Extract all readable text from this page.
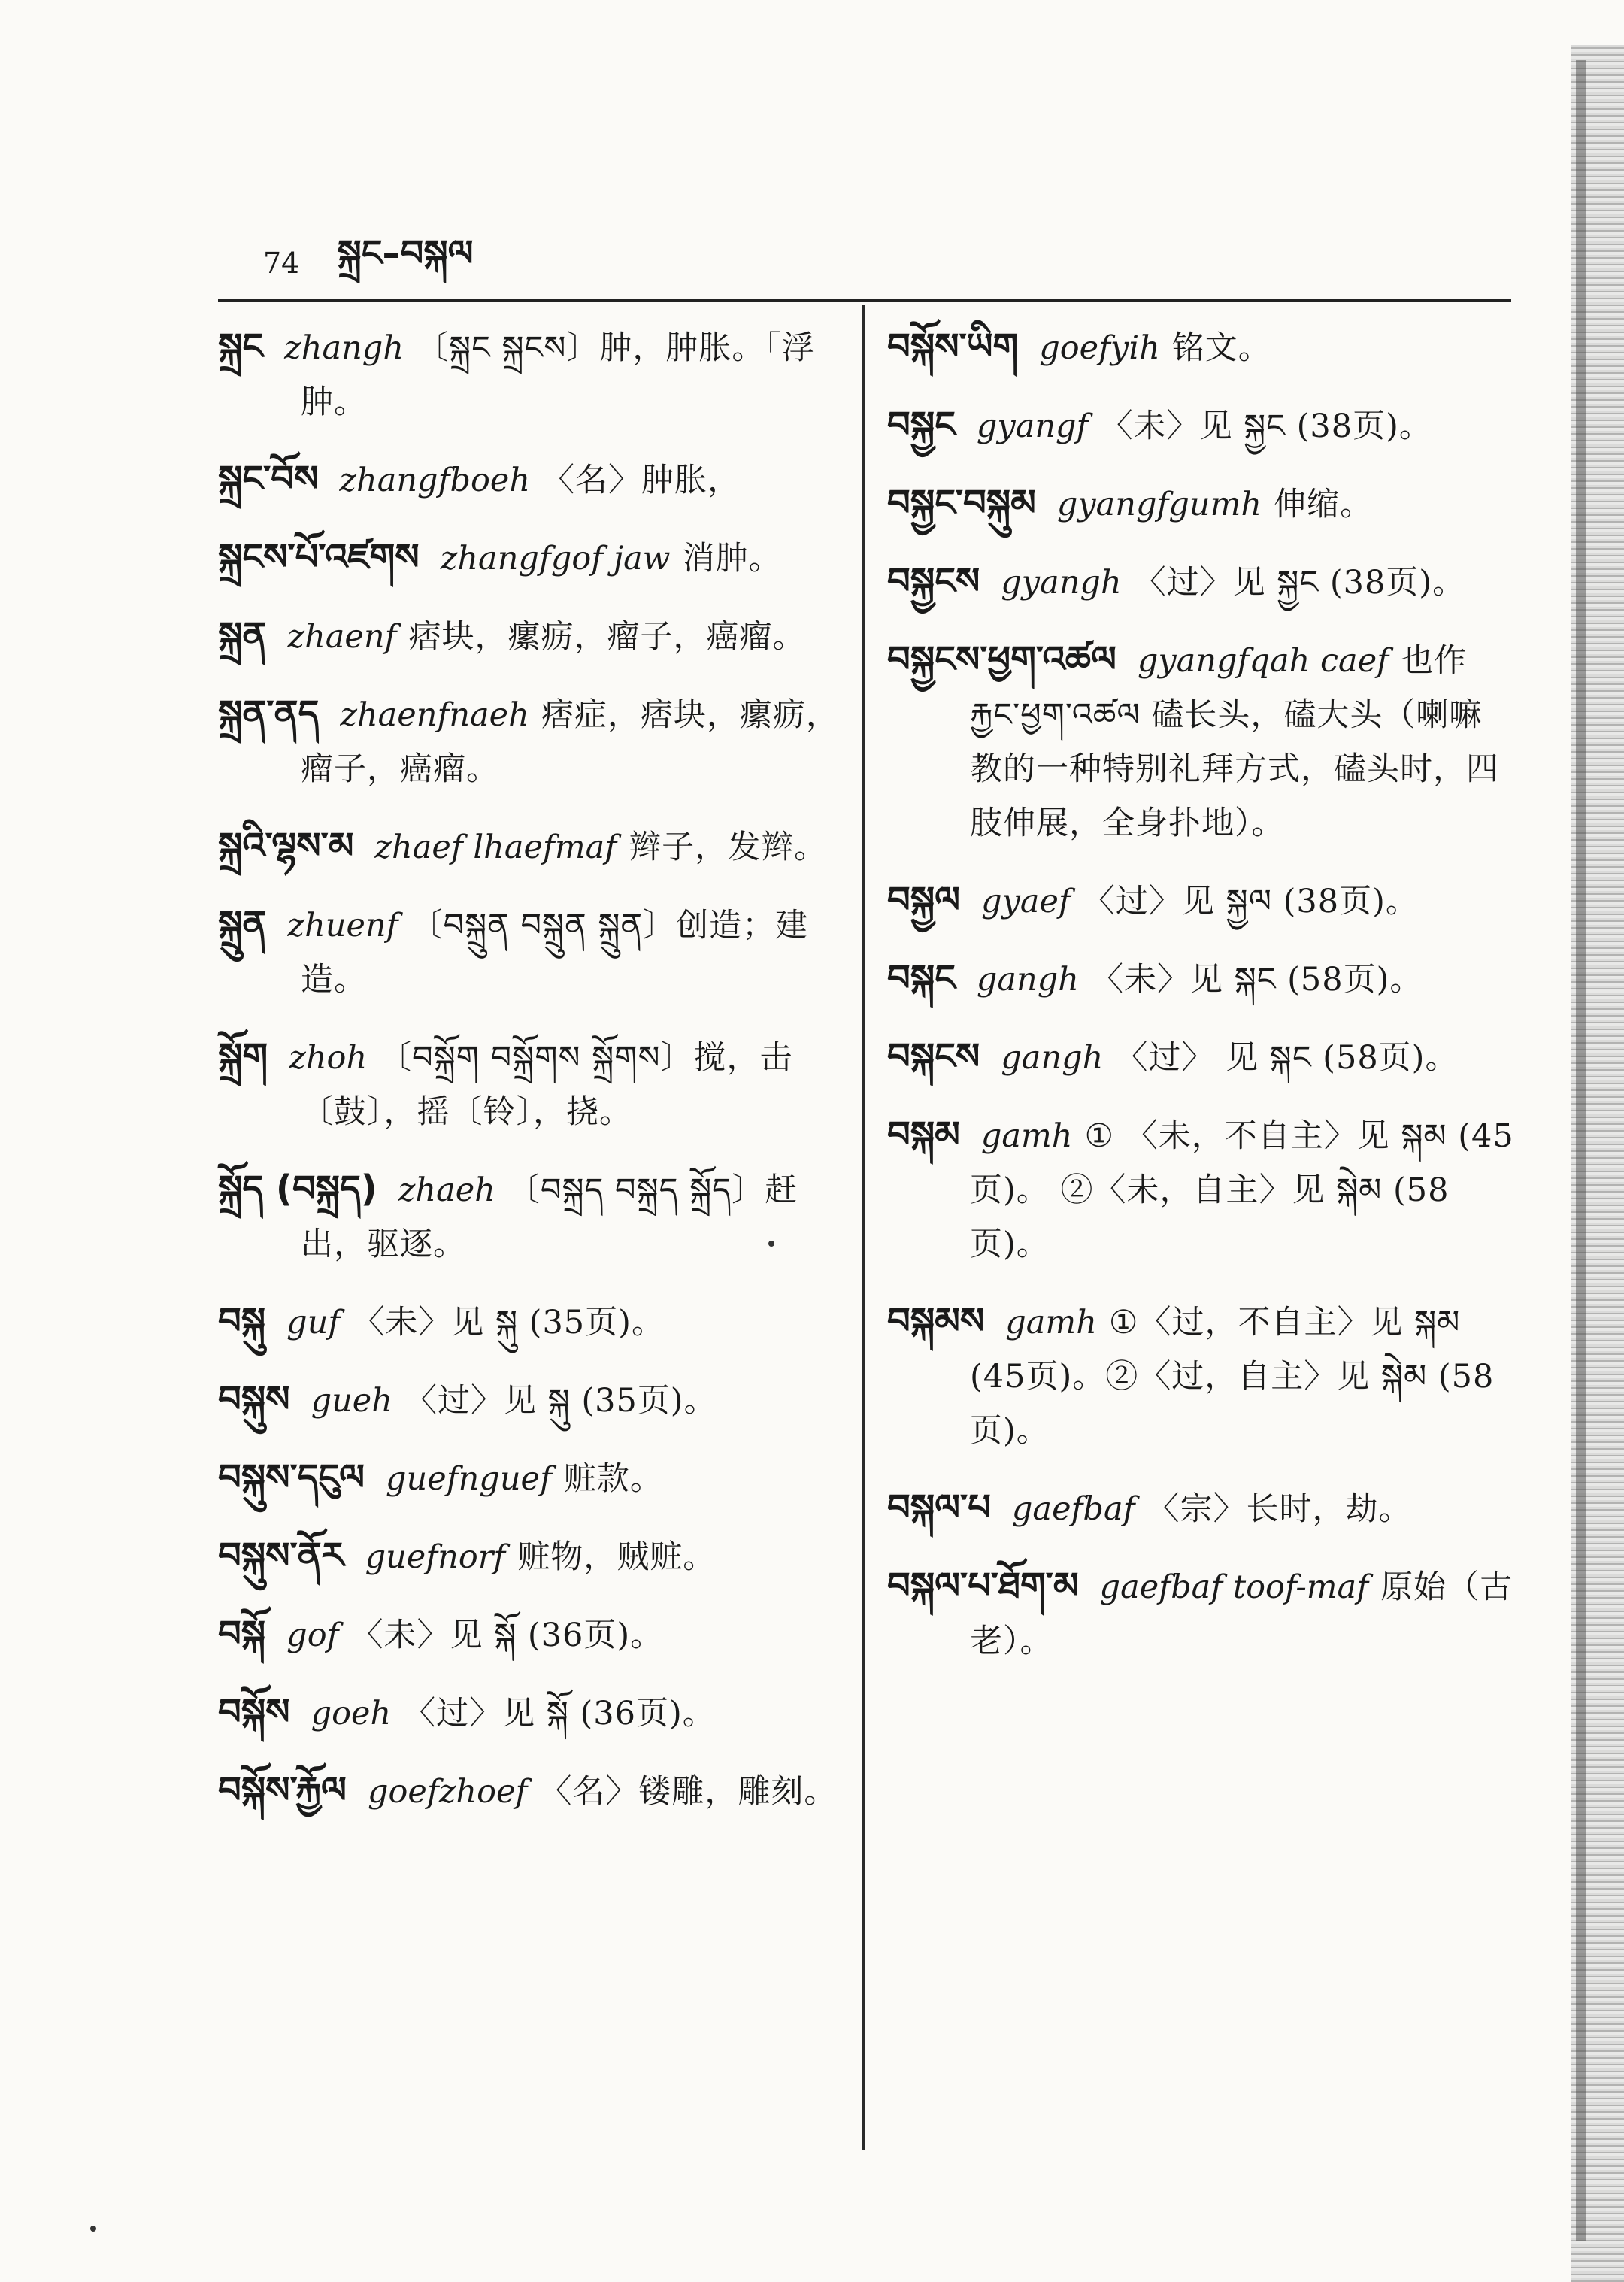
74 སྐྲང–བསྐལ
སྐྲང zhangh 〔སྐྲང སྐྲངས〕肿，肿胀。「浮肿。
སྐྲང་བོས zhangfboeh 〈名〉肿胀，
སྐྲངས་པོ་འཛགས zhangfgof jaw 消肿。
སྐྲན zhaenf 痞块，瘰疬，瘤子，癌瘤。
སྐྲན་ནད zhaenfnaeh 痞症，痞块，瘰疬，瘤子，癌瘤。
སྐྲའི་ལྷས་མ zhaef lhaefmaf 辫子，发辫。
སྐྲུན zhuenf 〔བསྐྲུན བསྐྲུན སྐྲུན〕创造；建造。
སྐྲོག zhoh 〔བསྐྲོག བསྐྲོགས སྐྲོགས〕搅，击〔鼓〕，摇〔铃〕，挠。
སྐྲོད (བསྐྲད) zhaeh 〔བསྐྲད བསྐྲད སྐྲོད〕赶出，驱逐。
བསྐུ guf 〈未〉见 སྐུ (35页)。
བསྐུས gueh 〈过〉见 སྐུ (35页)。
བསྐུས་དངུལ guefnguef 赃款。
བསྐུས་ནོར guefnorf 赃物，贼赃。
བསྐོ gof 〈未〉见 སྐོ (36页)。
བསྐོས goeh 〈过〉见 སྐོ (36页)。
བསྐོས་རྐྱོལ goefzhoef 〈名〉镂雕，雕刻。
བསྐོས་ཡིག goefyih 铭文。
བསྐྱང gyangf 〈未〉见 སྐྱང (38页)。
བསྐྱང་བསྐུམ gyangfgumh 伸缩。
བསྐྱངས gyangh 〈过〉见 སྐྱང (38页)。
བསྐྱངས་ཕྱག་འཚལ gyangfqah caef 也作 རྐྱང་ཕྱག་འཚལ 磕长头，磕大头（喇嘛教的一种特别礼拜方式，磕头时，四肢伸展，全身扑地）。
བསྐྱལ gyaef 〈过〉见 སྐྱལ (38页)。
བསྐང gangh 〈未〉见 སྐང (58页)。
བསྐངས gangh 〈过〉 见 སྐང (58页)。
བསྐམ gamh ① 〈未，不自主〉见 སྐམ (45页)。 ②〈未，自主〉见 སྐེམ (58页)。
བསྐམས gamh ①〈过，不自主〉见 སྐམ (45页)。②〈过，自主〉见 སྐེམ (58页)。
བསྐལ་པ gaefbaf 〈宗〉长时，劫。
བསྐལ་པ་ཐོག་མ gaefbaf toof-maf 原始（古老）。
